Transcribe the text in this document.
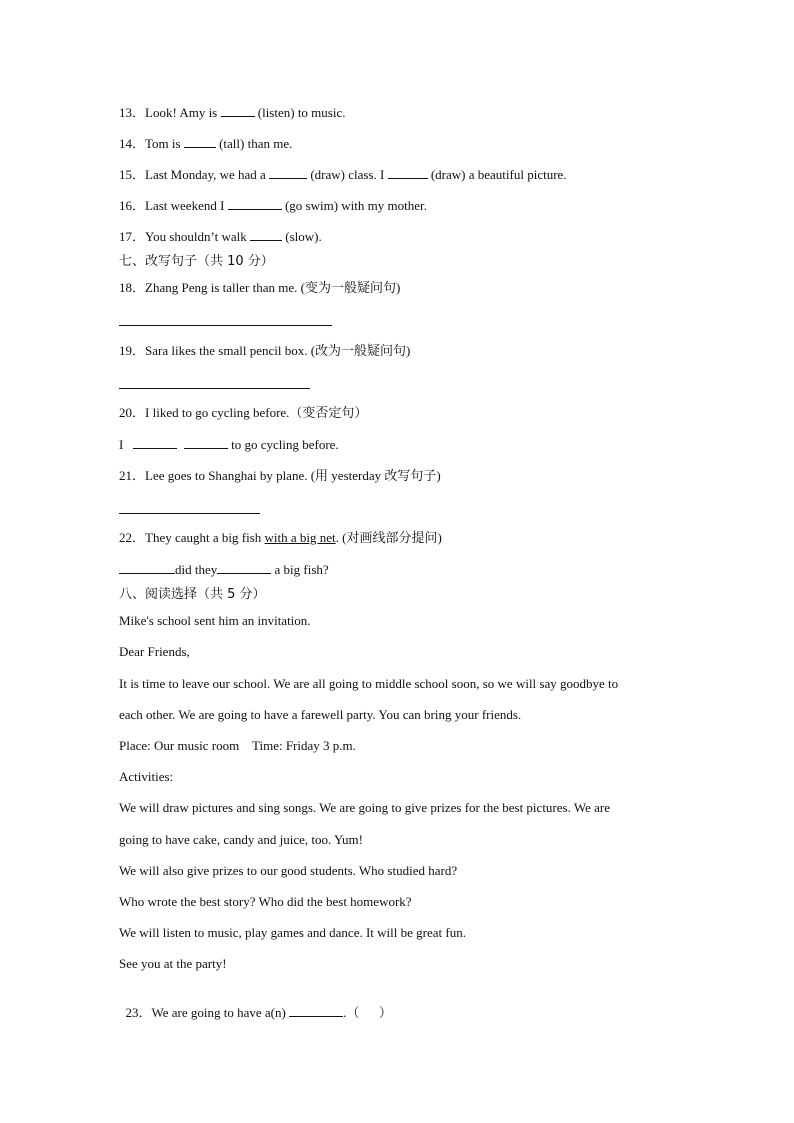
13．Look! Amy is	(listen) to music.
14．Tom is	(tall) than me.
15．Last Monday, we had a	(draw) class. I	(draw) a beautiful picture.
16．Last weekend I	(go swim) with my mother.
17．You shouldn’t walk	(slow).
七、改写句子（共 10 分）
18．Zhang Peng is taller than me. (变为一般疑问句)
19．Sara likes the small pencil box. (改为一般疑问句)
20．I liked to go cycling before.（变否定句）
I	to go cycling before.
21．Lee goes to Shanghai by plane. (用 yesterday 改写句子)
22．They caught a big fish with a big net. (对画线部分提问)
did they	a big fish?
八、阅读选择（共 5 分）
Mike's school sent him an invitation.
Dear Friends,
It is time to leave our school. We are all going to middle school soon, so we will say goodbye to
each other. We are going to have a farewell party. You can bring your friends.
Place: Our music room    Time: Friday 3 p.m.
Activities:
We will draw pictures and sing songs. We are going to give prizes for the best pictures. We are
going to have cake, candy and juice, too. Yum!
We will also give prizes to our good students. Who studied hard?
Who wrote the best story? Who did the best homework?
We will listen to music, play games and dance. It will be great fun.
See you at the party!

23．We are going to have a(n)	.（      ）
